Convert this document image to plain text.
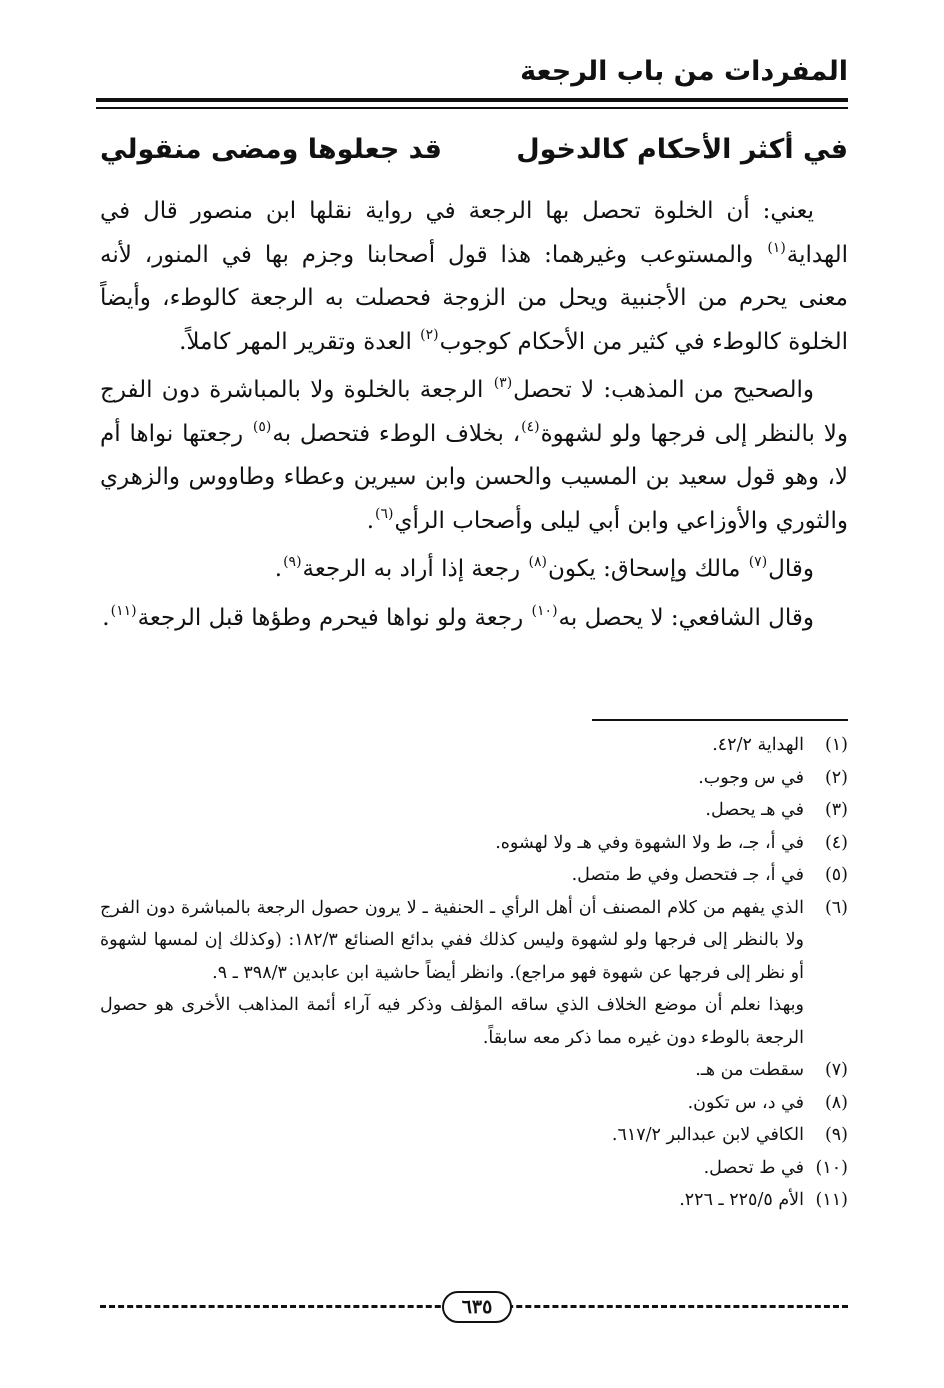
المفردات من باب الرجعة
في أكثر الأحكام كالدخول
قد جعلوها ومضى منقولي

يعني: أن الخلوة تحصل بها الرجعة في رواية نقلها ابن منصور قال في الهداية$^{(١)}$ والمستوعب وغيرهما: هذا قول أصحابنا وجزم بها في المنور، لأنه معنى يحرم من الأجنبية ويحل من الزوجة فحصلت به الرجعة كالوطء، وأيضاً الخلوة كالوطء في كثير من الأحكام كوجوب$^{(٢)}$ العدة وتقرير المهر كاملاً.

والصحيح من المذهب: لا تحصل$^{(٣)}$ الرجعة بالخلوة ولا بالمباشرة دون الفرج ولا بالنظر إلى فرجها ولو لشهوة$^{(٤)}$، بخلاف الوطء فتحصل به$^{(٥)}$ رجعتها نواها أم لا، وهو قول سعيد بن المسيب والحسن وابن سيرين وعطاء وطاووس والزهري والثوري والأوزاعي وابن أبي ليلى وأصحاب الرأي$^{(٦)}$.

وقال$^{(٧)}$ مالك وإسحاق: يكون$^{(٨)}$ رجعة إذا أراد به الرجعة$^{(٩)}$.

وقال الشافعي: لا يحصل به$^{(١٠)}$ رجعة ولو نواها فيحرم وطؤها قبل الرجعة$^{(١١)}$.

(١)
الهداية ٤٢/٢.
(٢)
في س وجوب.
(٣)
في هـ يحصل.
(٤)
في أ، جـ، ط ولا الشهوة وفي هـ ولا لهشوه.
(٥)
في أ، جـ فتحصل وفي ط متصل.
(٦)
الذي يفهم من كلام المصنف أن أهل الرأي ـ الحنفية ـ لا يرون حصول الرجعة بالمباشرة دون الفرج ولا بالنظر إلى فرجها ولو لشهوة وليس كذلك ففي بدائع الصنائع ١٨٢/٣: (وكذلك إن لمسها لشهوة أو نظر إلى فرجها عن شهوة فهو مراجع). وانظر أيضاً حاشية ابن عابدين ٣٩٨/٣ ـ ٩.
وبهذا نعلم أن موضع الخلاف الذي ساقه المؤلف وذكر فيه آراء أئمة المذاهب الأخرى هو حصول الرجعة بالوطء دون غيره مما ذكر معه سابقاً.
(٧)
سقطت من هـ.
(٨)
في د، س تكون.
(٩)
الكافي لابن عبدالبر ٦١٧/٢.
(١٠)
في ط تحصل.
(١١)
الأم ٢٢٥/٥ ـ ٢٢٦.
٦٣٥
